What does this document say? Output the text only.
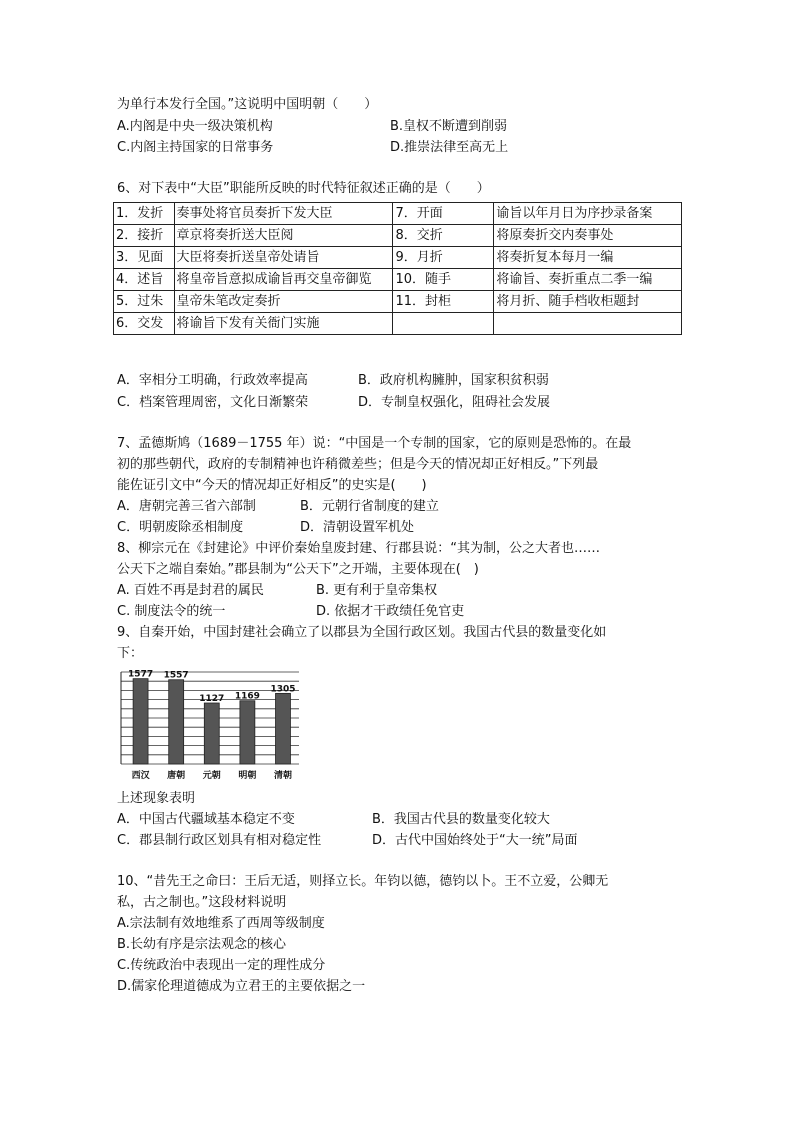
为单行本发行全国。”这说明中国明朝（　　）
A.内阁是中央一级决策机构	B.皇权不断遭到削弱
C.内阁主持国家的日常事务	D.推崇法律至高无上
6、对下表中“大臣”职能所反映的时代特征叙述正确的是（　　）
1．发折	奏事处将官员奏折下发大臣	7．开面	谕旨以年月日为序抄录备案
2．接折	章京将奏折送大臣阅	8．交折	将原奏折交内奏事处
3．见面	大臣将奏折送皇帝处请旨	9．月折	将奏折复本每月一编
4．述旨	将皇帝旨意拟成谕旨再交皇帝御览	10．随手	将谕旨、奏折重点二季一编
5．过朱	皇帝朱笔改定奏折	11．封柜	将月折、随手档收柜题封
6．交发	将谕旨下发有关衙门实施		
A．宰相分工明确，行政效率提高	B．政府机构臃肿，国家积贫积弱
C．档案管理周密，文化日渐繁荣	D．专制皇权强化，阻碍社会发展
7、孟德斯鸠（1689－1755 年）说：“中国是一个专制的国家，它的原则是恐怖的。在最
初的那些朝代，政府的专制精神也许稍微差些；但是今天的情况却正好相反。”下列最
能佐证引文中“今天的情况却正好相反”的史实是(　　)
A．唐朝完善三省六部制	B．元朝行省制度的建立
C．明朝废除丞相制度	D．清朝设置军机处
8、柳宗元在《封建论》中评价秦始皇废封建、行郡县说：“其为制，公之大者也……
公天下之端自秦始。”郡县制为“公天下”之开端，主要体现在(　)
A. 百姓不再是封君的属民	B. 更有利于皇帝集权
C. 制度法令的统一	D. 依据才干政绩任免官吏
9、自秦开始，中国封建社会确立了以郡县为全国行政区划。我国古代县的数量变化如
下：
1577
西汉
1557
唐朝
1127
元朝
1169
明朝
1305
清朝
上述现象表明
A．中国古代疆域基本稳定不变	B．我国古代县的数量变化较大
C．郡县制行政区划具有相对稳定性	D．古代中国始终处于“大一统”局面
10、“昔先王之命曰：王后无适，则择立长。年钧以德，德钧以卜。王不立爱，公卿无
私，古之制也。”这段材料说明
A.宗法制有效地维系了西周等级制度
B.长幼有序是宗法观念的核心
C.传统政治中表现出一定的理性成分
D.儒家伦理道德成为立君王的主要依据之一
